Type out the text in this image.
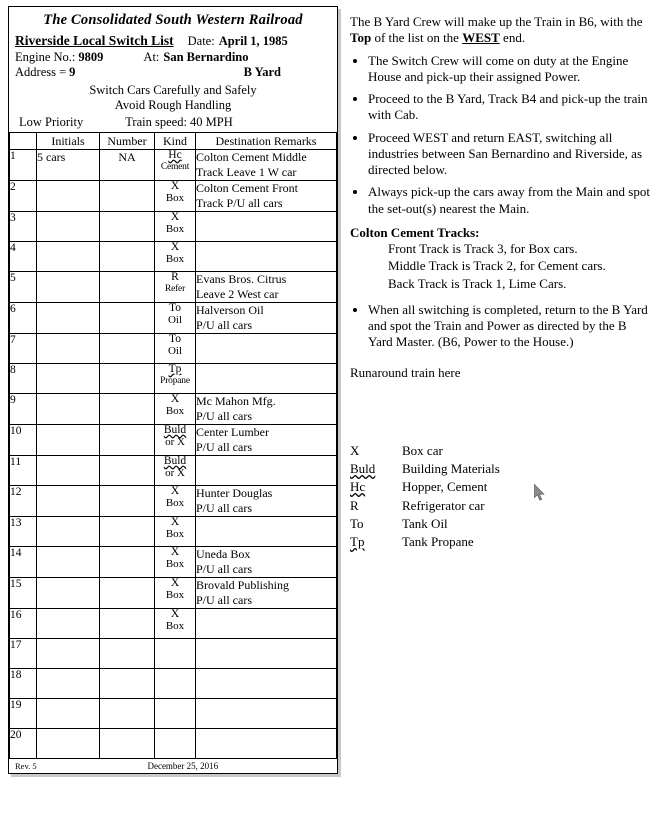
The Consolidated South Western Railroad
Riverside Local Switch List Date: April 1, 1985
Engine No.: 9809	At: San Bernardino
Address = 9	B Yard
Switch Cars Carefully and Safely
Avoid Rough Handling
Low Priority	Train speed: 40 MPH
	Initials	Number	Kind	Destination Remarks
1	5 cars	NA	Hc
Cement	Colton Cement Middle
Track Leave 1 W car

2			X
Box	Colton Cement Front
Track P/U all cars

3			X
Box	

4			X
Box	

5			R
Refer	Evans Bros. Citrus
Leave 2 West car

6			To
Oil	Halverson Oil
P/U all cars

7			To
Oil	

8			Tp
Propane	

9			X
Box	Mc Mahon Mfg.
P/U all cars

10			Buld
or X	Center Lumber
P/U all cars

11			Buld
or X	

12			X
Box	Hunter Douglas
P/U all cars

13			X
Box	

14			X
Box	Uneda Box
P/U all cars

15			X
Box	Brovald Publishing
P/U all cars

16			X
Box	

17			

18			

19			

20			

Rev. 5	December 25, 2016

The B Yard Crew will make up the Train in B6, with the Top of the list on the WEST end.

• The Switch Crew will come on duty at the Engine House and pick-up their assigned Power.
• Proceed to the B Yard, Track B4 and pick-up the train with Cab.
• Proceed WEST and return EAST, switching all industries between San Bernardino and Riverside, as directed below.
• Always pick-up the cars away from the Main and spot the set-out(s) nearest the Main.
Colton Cement Tracks:
Front Track is Track 3, for Box cars.
Middle Track is Track 2, for Cement cars.
Back Track is Track 1, Lime Cars.
• When all switching is completed, return to the B Yard and spot the Train and Power as directed by the B Yard Master. (B6, Power to the House.)
Runaround train here
X	Box car
Buld	Building Materials
Hc	Hopper, Cement
R	Refrigerator car
To	Tank Oil
Tp	Tank Propane
